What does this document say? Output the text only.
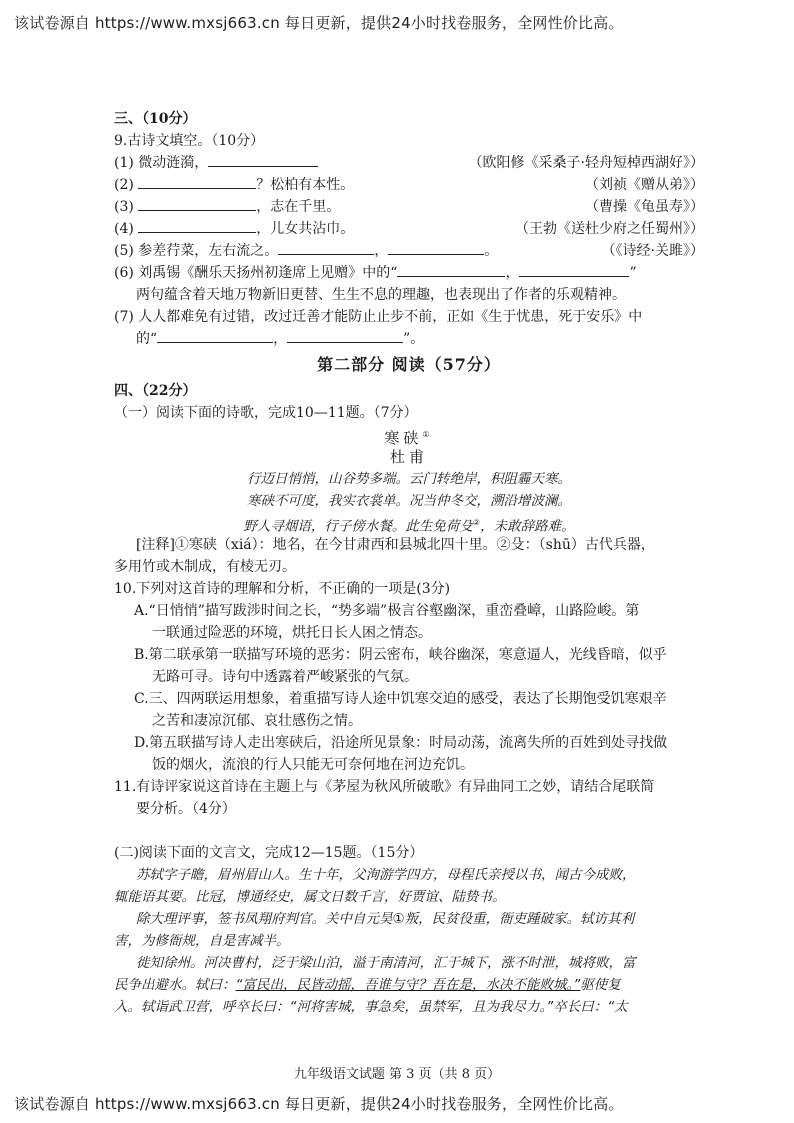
该试卷源自 https://www.mxsj663.cn 每日更新，提供24小时找卷服务，全网性价比高。
三、（10分）
9.古诗文填空。（10分）
(1) 微动涟漪，	（欧阳修《采桑子·轻舟短棹西湖好》）
(2)	？松柏有本性。	（刘祯《赠从弟》）
(3)	，志在千里。	（曹操《龟虽寿》）
(4)	，儿女共沾巾。	（王勃《送杜少府之任蜀州》）
(5) 参差荇菜，左右流之。	，	。	（《诗经·关雎》）
(6) 刘禹锡《酬乐天扬州初逢席上见赠》中的“	，	”
两句蕴含着天地万物新旧更替、生生不息的理趣，也表现出了作者的乐观精神。
(7) 人人都难免有过错，改过迁善才能防止止步不前，正如《生于忧患，死于安乐》中
的“	，	”。
第二部分 阅读（57分）
四、（22分）
（一）阅读下面的诗歌，完成10—11题。（7分）
寒硖①
杜甫
行迈日悄悄，山谷势多端。云门转绝岸，积阻霾天寒。
寒硖不可度，我实衣裳单。况当仲冬交，溯沿增波澜。
野人寻烟语，行子傍水餐。此生免荷殳②，未敢辞路难。
[注释]①寒硖（xiá）：地名，在今甘肃西和县城北四十里。②殳：（shū）古代兵器，
多用竹或木制成，有棱无刃。
10.下列对这首诗的理解和分析，不正确的一项是(3分)
A.“日悄悄”描写跋涉时间之长，“势多端”极言谷壑幽深，重峦叠嶂，山路险峻。第
一联通过险恶的环境，烘托日长人困之情态。
B.第二联承第一联描写环境的恶劣：阴云密布，峡谷幽深，寒意逼人，光线昏暗，似乎
无路可寻。诗句中透露着严峻紧张的气氛。
C.三、四两联运用想象，着重描写诗人途中饥寒交迫的感受，表达了长期饱受饥寒艰辛
之苦和凄凉沉郁、哀壮感伤之情。
D.第五联描写诗人走出寒硖后，沿途所见景象：时局动荡，流离失所的百姓到处寻找做
饭的烟火，流浪的行人只能无可奈何地在河边充饥。
11.有诗评家说这首诗在主题上与《茅屋为秋风所破歌》有异曲同工之妙，请结合尾联简
要分析。（4分）
(二)阅读下面的文言文，完成12—15题。（15分）
苏轼字子瞻，眉州眉山人。生十年，父洵游学四方，母程氏亲授以书，闻古今成败，
辄能语其要。比冠，博通经史，属文日数千言，好贾谊、陆贽书。
除大理评事，签书凤翔府判官。关中自元昊①叛，民贫役重，衙吏踵破家。轼访其利
害，为修衙规，自是害减半。
徙知徐州。河决曹村，泛于梁山泊，溢于南清河，汇于城下，涨不时泄，城将败，富
民争出避水。轼曰：“富民出，民皆动摇，吾谁与守？吾在是，水决不能败城。”驱使复
入。轼诣武卫营，呼卒长曰：“河将害城，事急矣，虽禁军，且为我尽力。”卒长曰：“太
九年级语文试题 第 3 页（共 8 页）
该试卷源自 https://www.mxsj663.cn 每日更新，提供24小时找卷服务，全网性价比高。
